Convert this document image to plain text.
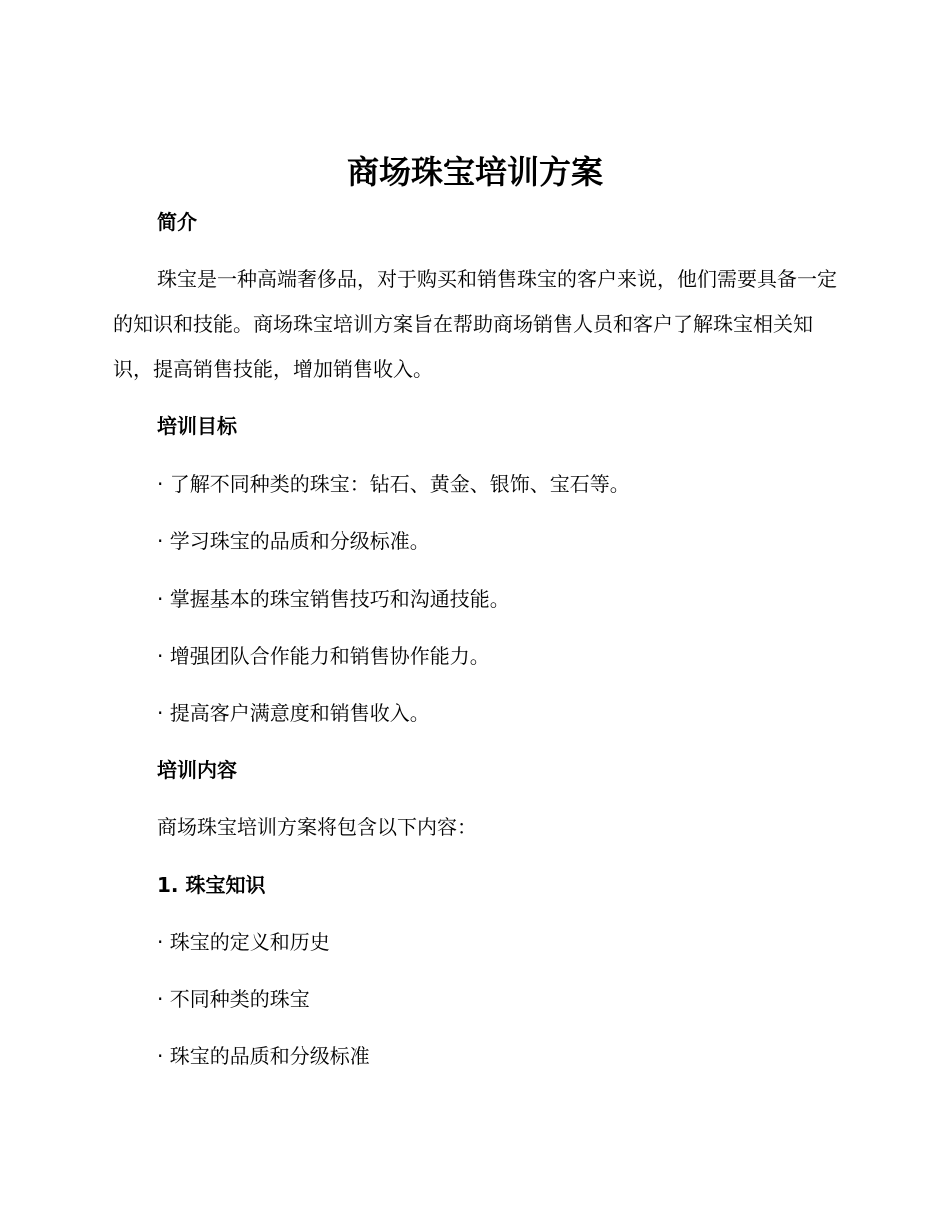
商场珠宝培训方案
简介

珠宝是一种高端奢侈品，对于购买和销售珠宝的客户来说，他们需要具备一定的知识和技能。商场珠宝培训方案旨在帮助商场销售人员和客户了解珠宝相关知识，提高销售技能，增加销售收入。

培训目标

· 了解不同种类的珠宝：钻石、黄金、银饰、宝石等。

· 学习珠宝的品质和分级标准。

· 掌握基本的珠宝销售技巧和沟通技能。

· 增强团队合作能力和销售协作能力。

· 提高客户满意度和销售收入。

培训内容

商场珠宝培训方案将包含以下内容：

1. 珠宝知识

· 珠宝的定义和历史

· 不同种类的珠宝

· 珠宝的品质和分级标准
